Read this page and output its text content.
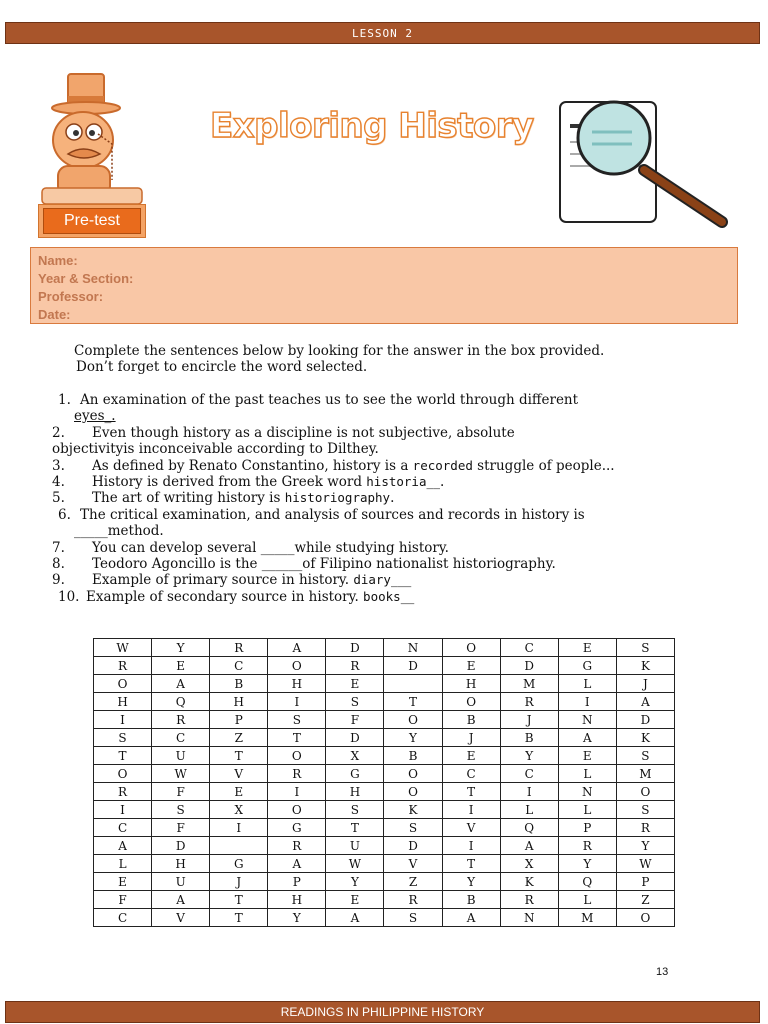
LESSON 2
Pre-test
Exploring History
Name:
Year & Section:
Professor:
Date:
Complete the sentences below by looking for the answer in the box provided.
Don’t forget to encircle the word selected.
1. An examination of the past teaches us to see the world through different
eyes_.
2. Even though history as a discipline is not subjective, absolute
objectivityis inconceivable according to Dilthey.
3. As defined by Renato Constantino, history is a recorded struggle of people...
4. History is derived from the Greek word historia__.
5. The art of writing history is historiography.
6. The critical examination, and analysis of sources and records in history is
_____method.
7. You can develop several _____while studying history.
8. Teodoro Agoncillo is the ______of Filipino nationalist historiography.
9. Example of primary source in history. diary___
10. Example of secondary source in history. books__
W	Y	R	A	D	N	O	C	E	S
R	E	C	O	R	D	E	D	G	K
O	A	B	H	E		H	M	L	J
H	Q	H	I	S	T	O	R	I	A
I	R	P	S	F	O	B	J	N	D
S	C	Z	T	D	Y	J	B	A	K
T	U	T	O	X	B	E	Y	E	S
O	W	V	R	G	O	C	C	L	M
R	F	E	I	H	O	T	I	N	O
I	S	X	O	S	K	I	L	L	S
C	F	I	G	T	S	V	Q	P	R
A	D		R	U	D	I	A	R	Y
L	H	G	A	W	V	T	X	Y	W
E	U	J	P	Y	Z	Y	K	Q	P
F	A	T	H	E	R	B	R	L	Z
C	V	T	Y	A	S	A	N	M	O
13
READINGS IN PHILIPPINE HISTORY
